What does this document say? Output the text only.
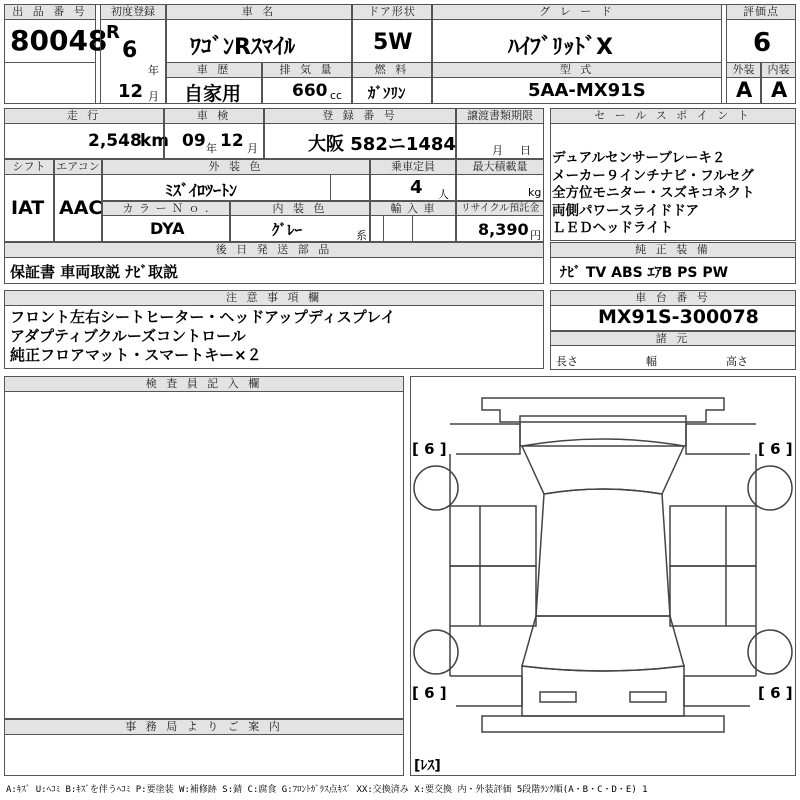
出 品 番 号
80048
初度登録
R
6
年
12 月
車 名
ﾜｺﾞﾝRｽﾏｲﾙ
ドア形状
5W
グ レ ー ド
ﾊｲﾌﾞﾘｯﾄﾞX
評価点
6
車 歴
自家用
排 気 量
660 cc
燃 料
ｶﾞｿﾘﾝ
型 式
5AA-MX91S
外装
A
内装
A
走 行
2,548
km
車 検
09 年 12 月
登 録 番 号
大阪 582ニ1484
譲渡書類期限
月 日
シフト
IAT
エアコン
AAC
外 装 色
ﾐｽﾞｲﾛﾂｰﾄﾝ
乗車定員
4 人
最大積載量
kg
カ ラ ー Ｎ ｏ .
DYA
内 装 色
ｸﾞﾚｰ	系
輸 入 車	リサイクル預託金
8,390 円
後 日 発 送 部 品
保証書 車両取説 ﾅﾋﾞ取説
セ ー ル ス ポ イ ン ト
デュアルセンサーブレーキ２
メーカー９インチナビ・フルセグ
全方位モニター・スズキコネクト
両側パワースライドドア
ＬＥＤヘッドライト
純 正 装 備
ﾅﾋﾞ TV ABS ｴｱB PS PW
注 意 事 項 欄
フロント左右シートヒーター・ヘッドアップディスプレイ
アダプティブクルーズコントロール
純正フロアマット・スマートキー×２
車 台 番 号
MX91S-300078
諸 元
長さ	幅	高さ
検 査 員 記 入 欄
事 務 局 よ り ご 案 内
[ 6 ]	[ 6 ]
[ 6 ]	[ 6 ]
[ﾚｽ]
A:ｷｽﾞ U:ﾍｺﾐ B:ｷｽﾞを伴うﾍｺﾐ P:要塗装 W:補修跡 S:錆 C:腐食 G:ﾌﾛﾝﾄｶﾞﾗｽ点ｷｽﾞ XX:交換済み X:要交換 内・外装評価 5段階ﾗﾝｸ順(A・B・C・D・E) 1
